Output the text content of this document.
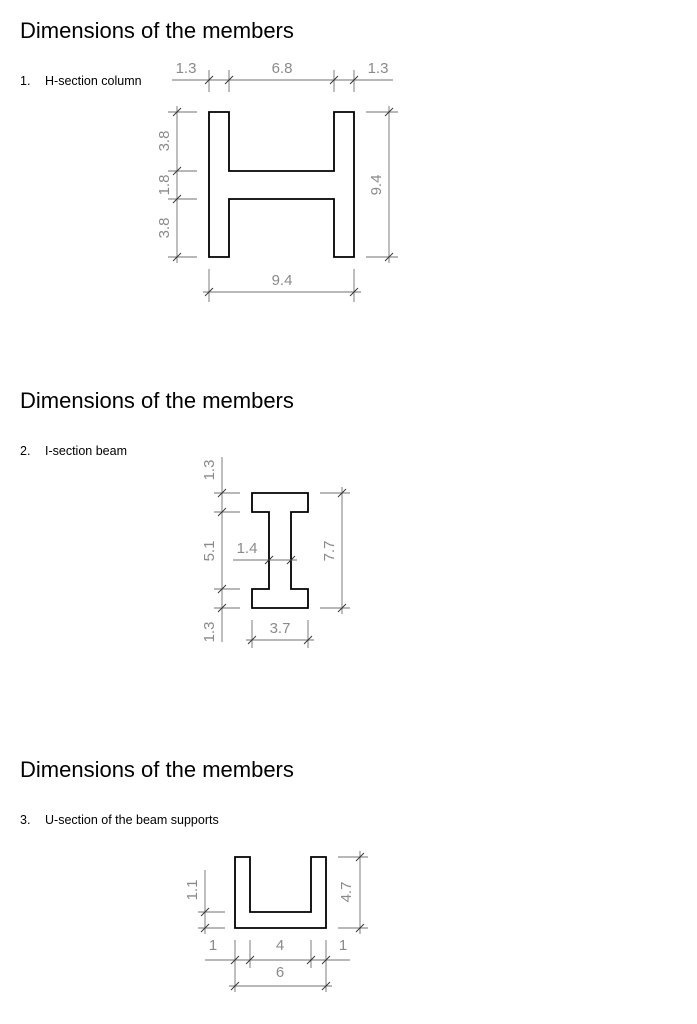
Dimensions of the members
1. H-section column
1.3	6.8	1.3
3.8
1.8
3.8
9.4
9.4
Dimensions of the members
2. I-section beam
1.3
5.1
1.3
1.4	7.7
3.7
Dimensions of the members
3. U-section of the beam supports
1.1	4.7
1	4	1
6
